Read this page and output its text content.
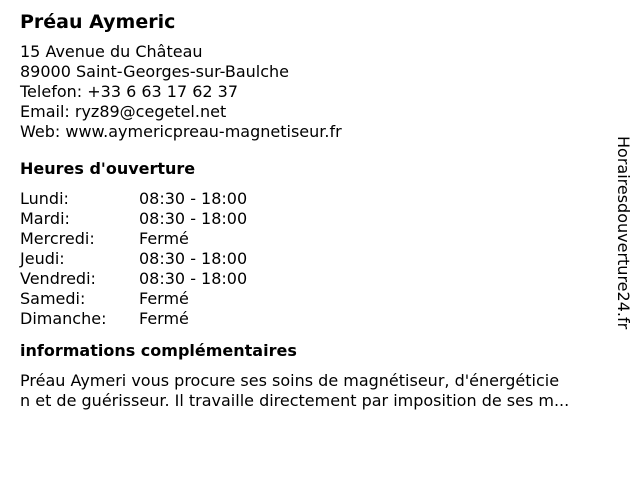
Préau Aymeric
15 Avenue du Château
89000 Saint-Georges-sur-Baulche
Telefon: +33 6 63 17 62 37
Email: ryz89@cegetel.net
Web: www.aymericpreau-magnetiseur.fr
Heures d'ouverture
Lundi:	08:30 - 18:00
Mardi:	08:30 - 18:00
Mercredi:	Fermé
Jeudi:	08:30 - 18:00
Vendredi:	08:30 - 18:00
Samedi:	Fermé
Dimanche:	Fermé
informations complémentaires
Préau Aymeri vous procure ses soins de magnétiseur, d'énergéticie
n et de guérisseur. Il travaille directement par imposition de ses m...
Horairesdouverture24.fr
